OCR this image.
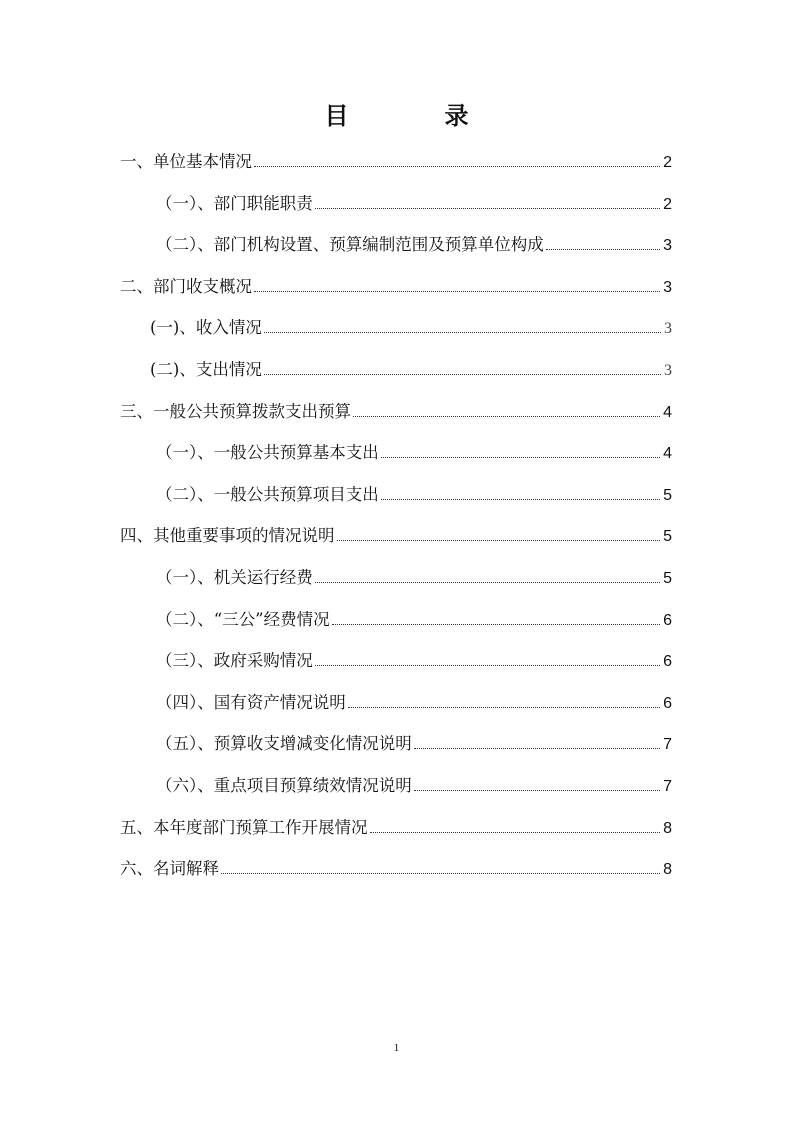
目　录
一、单位基本情况	2
（一）、部门职能职责	2
（二）、部门机构设置、预算编制范围及预算单位构成	3
二、部门收支概况	3
(一)、收入情况	3
(二)、支出情况	3
三、一般公共预算拨款支出预算	4
（一）、一般公共预算基本支出	4
（二）、一般公共预算项目支出	5
四、其他重要事项的情况说明	5
（一）、机关运行经费	5
（二）、“三公”经费情况	6
（三）、政府采购情况	6
（四）、国有资产情况说明	6
（五）、预算收支增减变化情况说明	7
（六）、重点项目预算绩效情况说明	7
五、本年度部门预算工作开展情况	8
六、名词解释	8
1
